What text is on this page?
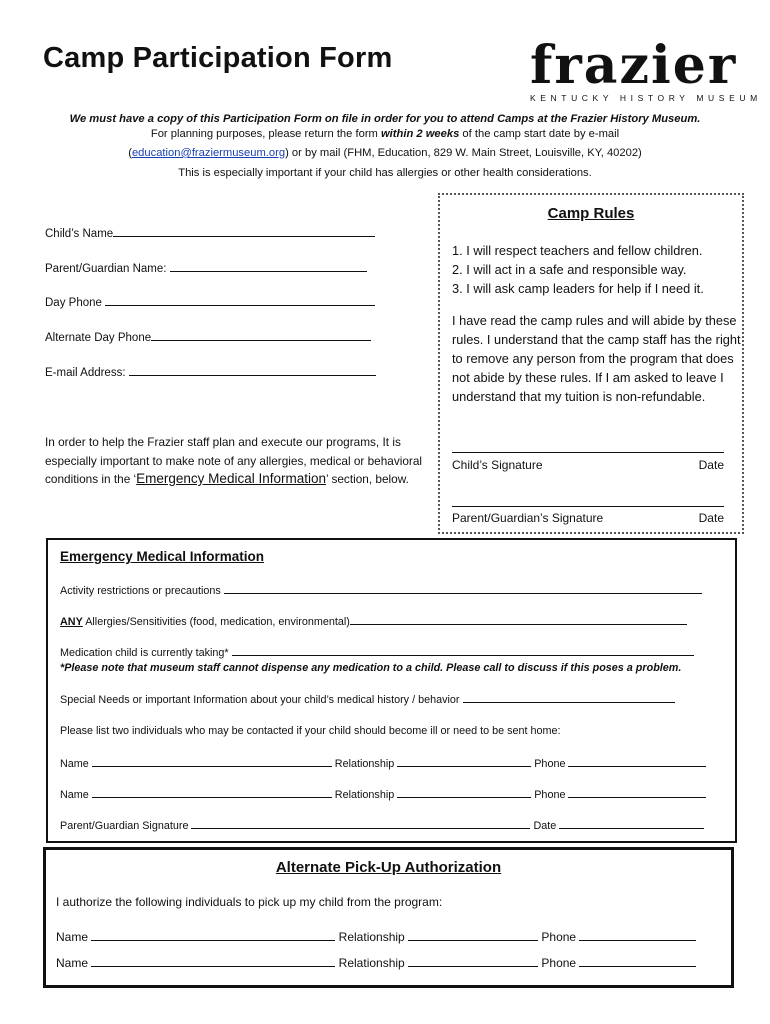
Camp Participation Form	frazier
KENTUCKY HISTORY MUSEUM
We must have a copy of this Participation Form on file in order for you to attend Camps at the Frazier History Museum.
For planning purposes, please return the form within 2 weeks of the camp start date by e-mail
(education@fraziermuseum.org) or by mail (FHM, Education, 829 W. Main Street, Louisville, KY, 40202)
This is especially important if your child has allergies or other health considerations.
Child’s Name
Parent/Guardian Name:
Day Phone
Alternate Day Phone
E-mail Address:
In order to help the Frazier staff plan and execute our programs, It is especially important to make note of any allergies, medical or behavioral conditions in the ‘Emergency Medical Information’ section, below.
Camp Rules
1. I will respect teachers and fellow children.
2. I will act in a safe and responsible way.
3. I will ask camp leaders for help if I need it.
I have read the camp rules and will abide by these rules. I understand that the camp staff has the right to remove any person from the program that does not abide by these rules. If I am asked to leave I understand that my tuition is non-refundable.
Child’s Signature	Date
Parent/Guardian’s Signature	Date
Emergency Medical Information
Activity restrictions or precautions
ANY Allergies/Sensitivities (food, medication, environmental)
Medication child is currently taking*
*Please note that museum staff cannot dispense any medication to a child. Please call to discuss if this poses a problem.
Special Needs or important Information about your child’s medical history / behavior
Please list two individuals who may be contacted if your child should become ill or need to be sent home:
Name	Relationship	Phone
Name	Relationship	Phone
Parent/Guardian Signature	Date
Alternate Pick-Up Authorization
I authorize the following individuals to pick up my child from the program:
Name	Relationship	Phone
Name	Relationship	Phone
